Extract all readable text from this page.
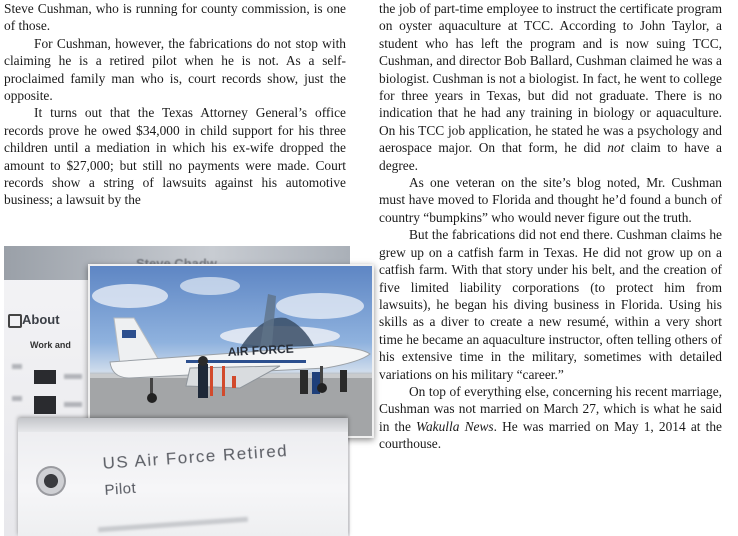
Steve Cushman, who is running for county commission, is one of those.

For Cushman, however, the fabrications do not stop with claiming he is a retired pilot when he is not. As a self-proclaimed family man who is, court records show, just the opposite.

It turns out that the Texas Attorney General’s office records prove he owed $34,000 in child support for his three children until a mediation in which his ex-wife dropped the amount to $27,000; but still no payments were made. Court records show a string of lawsuits against his automotive business; a lawsuit by the

About
Work and	AIR FORCE
US Air Force Retired
Pilot

the job of part-time employee to instruct the certificate program on oyster aquaculture at TCC. According to John Taylor, a student who has left the program and is now suing TCC, Cushman, and director Bob Ballard, Cushman claimed he was a biologist. Cushman is not a biologist. In fact, he went to college for three years in Texas, but did not graduate. There is no indication that he had any training in biology or aquaculture. On his TCC job application, he stated he was a psychology and aerospace major. On that form, he did not claim to have a degree.

As one veteran on the site’s blog noted, Mr. Cushman must have moved to Florida and thought he’d found a bunch of country “bumpkins” who would never figure out the truth.

But the fabrications did not end there. Cushman claims he grew up on a catfish farm in Texas. He did not grow up on a catfish farm. With that story under his belt, and the creation of five limited liability corporations (to protect him from lawsuits), he began his diving business in Florida. Using his skills as a diver to create a new resumé, within a very short time he became an aquaculture instructor, often telling others of his extensive time in the military, sometimes with detailed variations on his military “career.”

On top of everything else, concerning his recent marriage, Cushman was not married on March 27, which is what he said in the Wakulla News. He was married on May 1, 2014 at the courthouse.
